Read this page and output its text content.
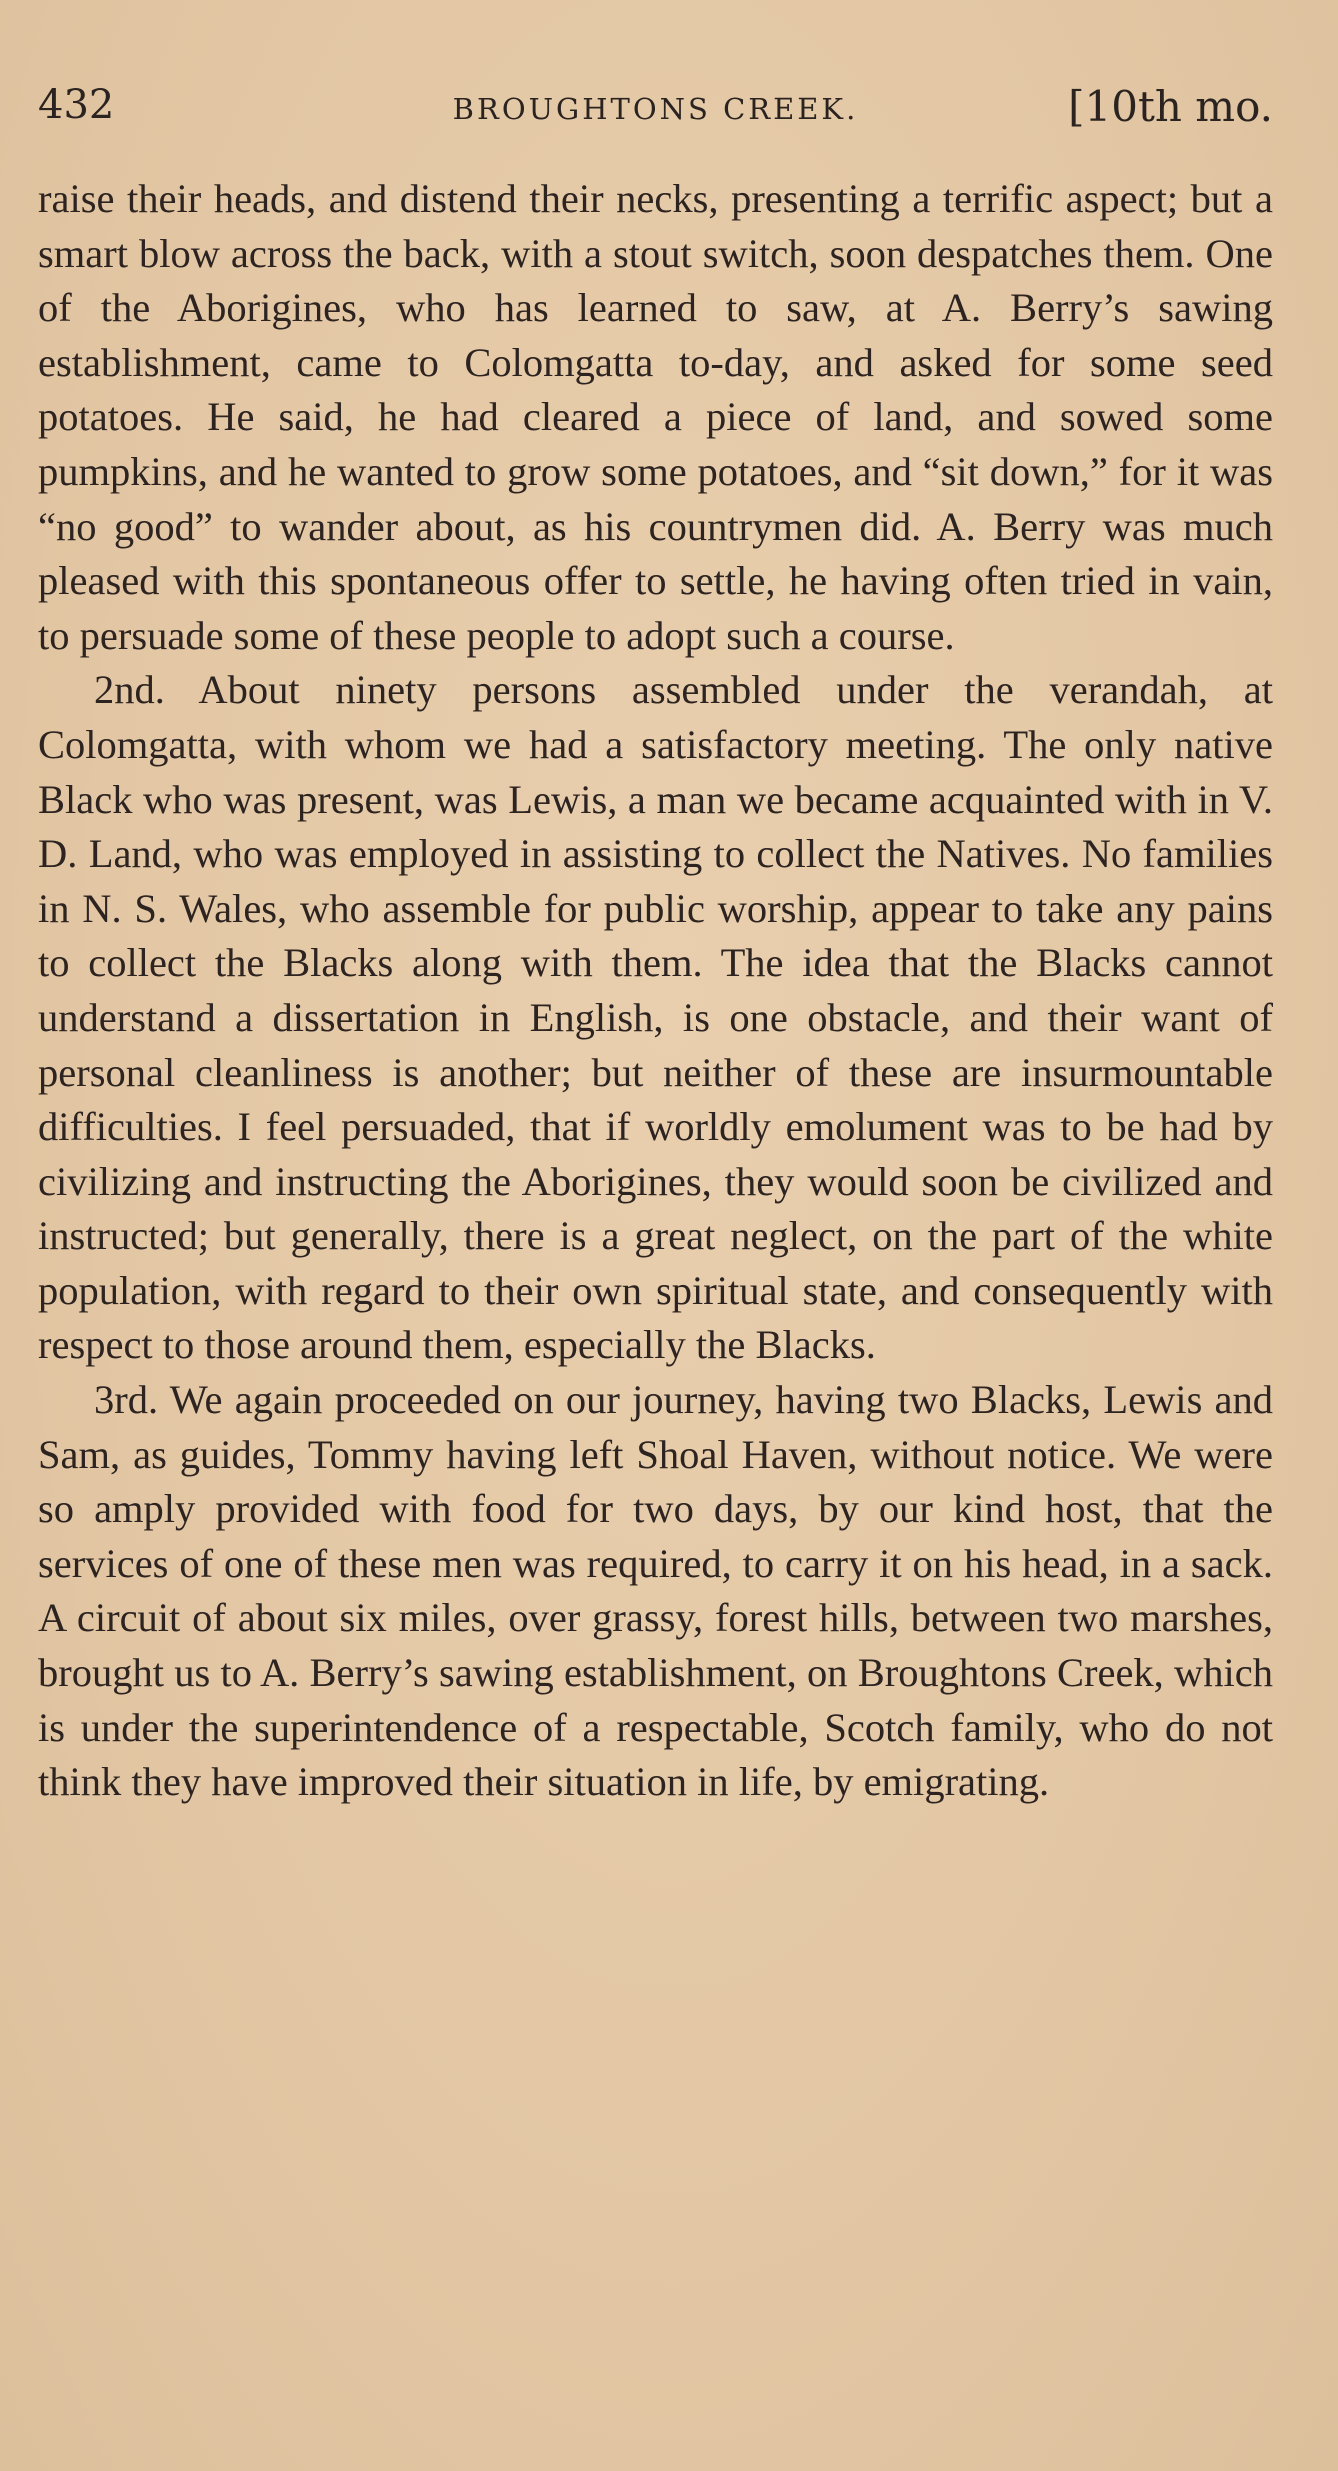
432	BROUGHTONS CREEK.	[10th mo.

raise their heads, and distend their necks, presenting a terrific aspect; but a smart blow across the back, with a stout switch, soon despatches them. One of the Aborigines, who has learned to saw, at A. Berry’s sawing establishment, came to Colomgatta to-day, and asked for some seed potatoes. He said, he had cleared a piece of land, and sowed some pumpkins, and he wanted to grow some potatoes, and “sit down,” for it was “no good” to wander about, as his countrymen did. A. Berry was much pleased with this spontaneous offer to settle, he having often tried in vain, to persuade some of these people to adopt such a course.

2nd. About ninety persons assembled under the verandah, at Colomgatta, with whom we had a satisfactory meeting. The only native Black who was present, was Lewis, a man we became acquainted with in V. D. Land, who was employed in assisting to collect the Natives. No families in N. S. Wales, who assemble for public worship, appear to take any pains to collect the Blacks along with them. The idea that the Blacks cannot understand a dissertation in English, is one obstacle, and their want of personal cleanliness is another; but neither of these are insurmountable difficulties. I feel persuaded, that if worldly emolument was to be had by civilizing and instructing the Aborigines, they would soon be civilized and instructed; but generally, there is a great neglect, on the part of the white population, with regard to their own spiritual state, and consequently with respect to those around them, especially the Blacks.

3rd. We again proceeded on our journey, having two Blacks, Lewis and Sam, as guides, Tommy having left Shoal Haven, without notice. We were so amply provided with food for two days, by our kind host, that the services of one of these men was required, to carry it on his head, in a sack. A circuit of about six miles, over grassy, forest hills, between two marshes, brought us to A. Berry’s sawing establishment, on Broughtons Creek, which is under the superintendence of a respectable, Scotch family, who do not think they have improved their situation in life, by emigrating.
